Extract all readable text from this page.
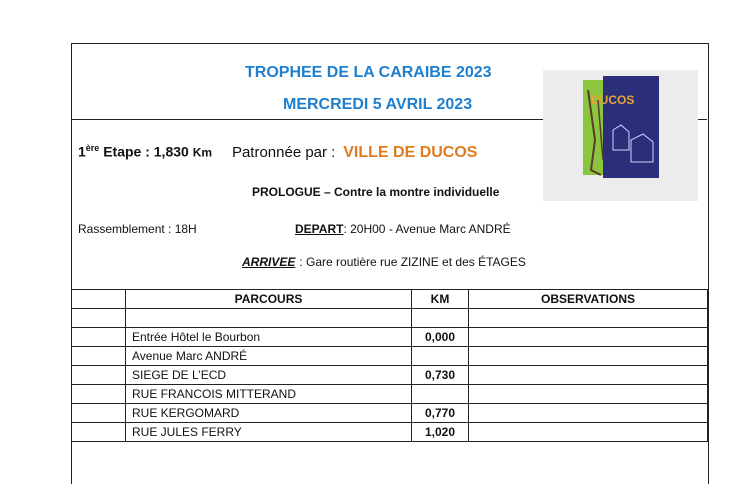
TROPHEE DE LA CARAIBE 2023
MERCREDI 5 AVRIL 2023	DUCOS
1ère Etape : 1,830 Km Patronnée par : VILLE DE DUCOS
PROLOGUE – Contre la montre individuelle
Rassemblement : 18H	DEPART: 20H00 - Avenue Marc ANDRÉ
ARRIVEE : Gare routière rue ZIZINE et des ÉTAGES
	PARCOURS	KM	OBSERVATIONS

	Entrée Hôtel le Bourbon	0,000	
	Avenue Marc ANDRÉ		
	SIEGE DE L’ECD	0,730	
	RUE FRANCOIS MITTERAND		
	RUE KERGOMARD	0,770	
	RUE JULES FERRY	1,020	
